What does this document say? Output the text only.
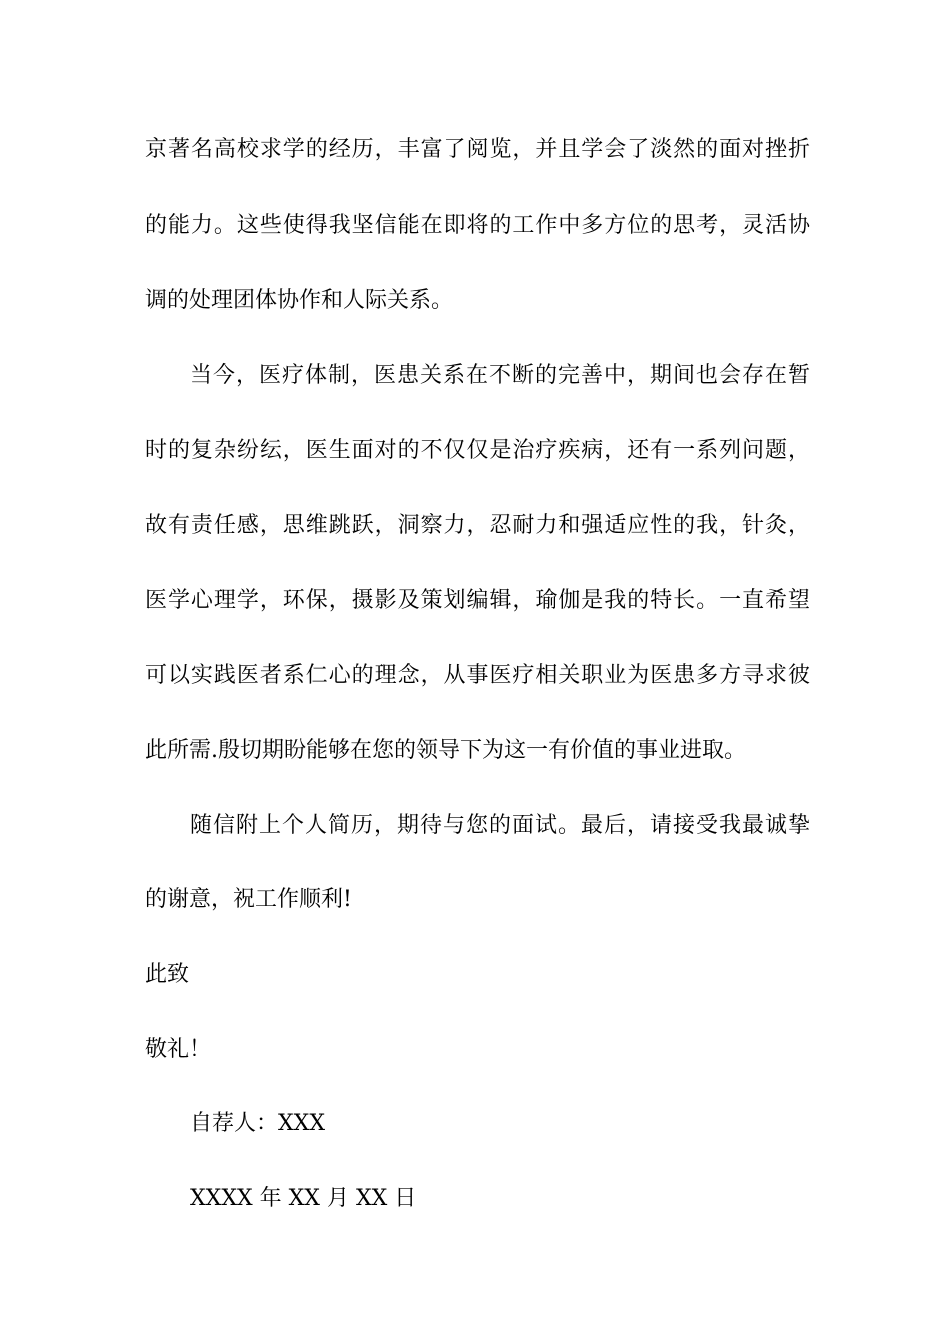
京著名高校求学的经历，丰富了阅览，并且学会了淡然的面对挫折
的能力。这些使得我坚信能在即将的工作中多方位的思考，灵活协
调的处理团体协作和人际关系。
当今，医疗体制，医患关系在不断的完善中，期间也会存在暂
时的复杂纷纭，医生面对的不仅仅是治疗疾病，还有一系列问题，
故有责任感，思维跳跃，洞察力，忍耐力和强适应性的我，针灸，
医学心理学，环保，摄影及策划编辑，瑜伽是我的特长。一直希望
可以实践医者系仁心的理念，从事医疗相关职业为医患多方寻求彼
此所需.殷切期盼能够在您的领导下为这一有价值的事业进取。
随信附上个人简历，期待与您的面试。最后，请接受我最诚挚
的谢意，祝工作顺利!
此致
敬礼！
自荐人：XXX
XXXX 年 XX 月 XX 日
